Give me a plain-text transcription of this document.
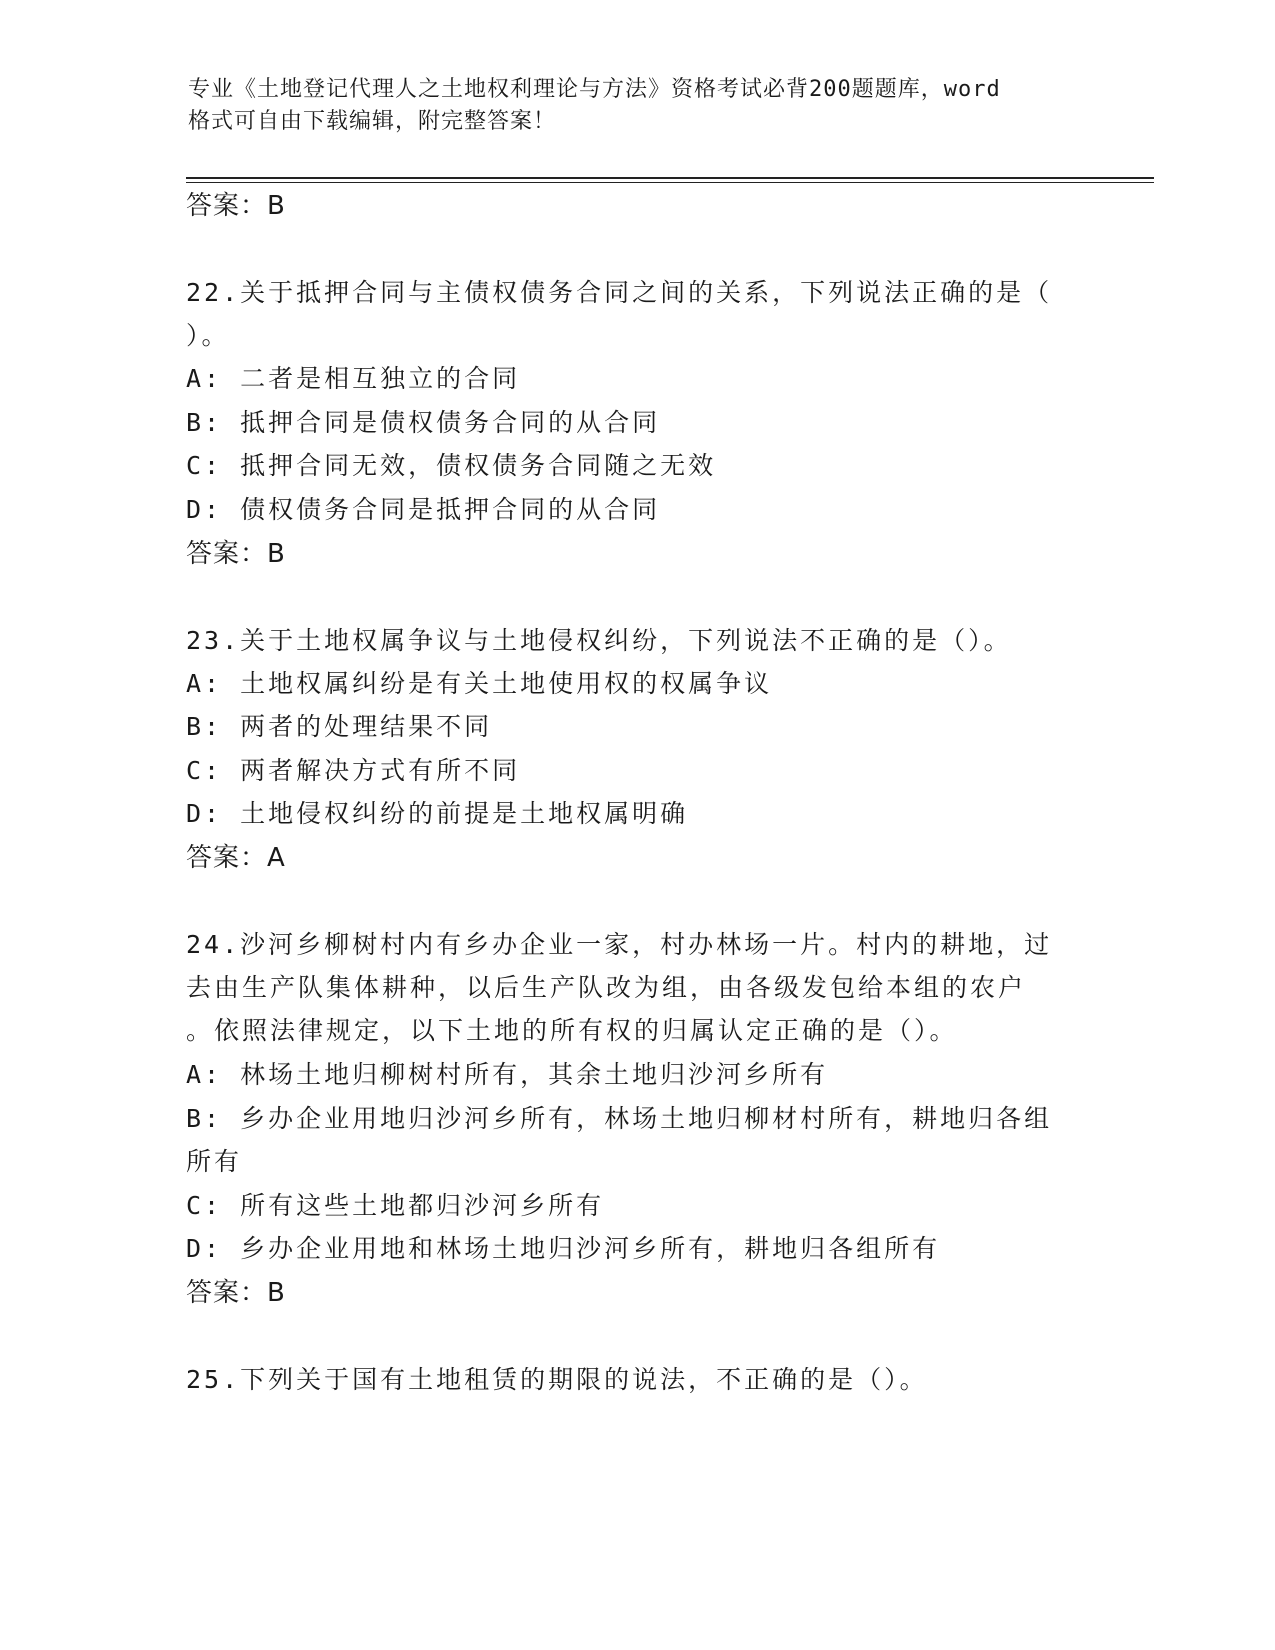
专业《土地登记代理人之土地权利理论与方法》资格考试必背200题题库，word
格式可自由下载编辑，附完整答案！

答案：B

22.关于抵押合同与主债权债务合同之间的关系，下列说法正确的是（

）。

A: 二者是相互独立的合同

B: 抵押合同是债权债务合同的从合同

C: 抵押合同无效，债权债务合同随之无效

D: 债权债务合同是抵押合同的从合同

答案：B

23.关于土地权属争议与土地侵权纠纷，下列说法不正确的是（）。

A: 土地权属纠纷是有关土地使用权的权属争议

B: 两者的处理结果不同

C: 两者解决方式有所不同

D: 土地侵权纠纷的前提是土地权属明确

答案：A

24.沙河乡柳树村内有乡办企业一家，村办林场一片。村内的耕地，过

去由生产队集体耕种，以后生产队改为组，由各级发包给本组的农户

。依照法律规定，以下土地的所有权的归属认定正确的是（）。

A: 林场土地归柳树村所有，其余土地归沙河乡所有

B: 乡办企业用地归沙河乡所有，林场土地归柳材村所有，耕地归各组

所有

C: 所有这些土地都归沙河乡所有

D: 乡办企业用地和林场土地归沙河乡所有，耕地归各组所有

答案：B

25.下列关于国有土地租赁的期限的说法，不正确的是（）。
